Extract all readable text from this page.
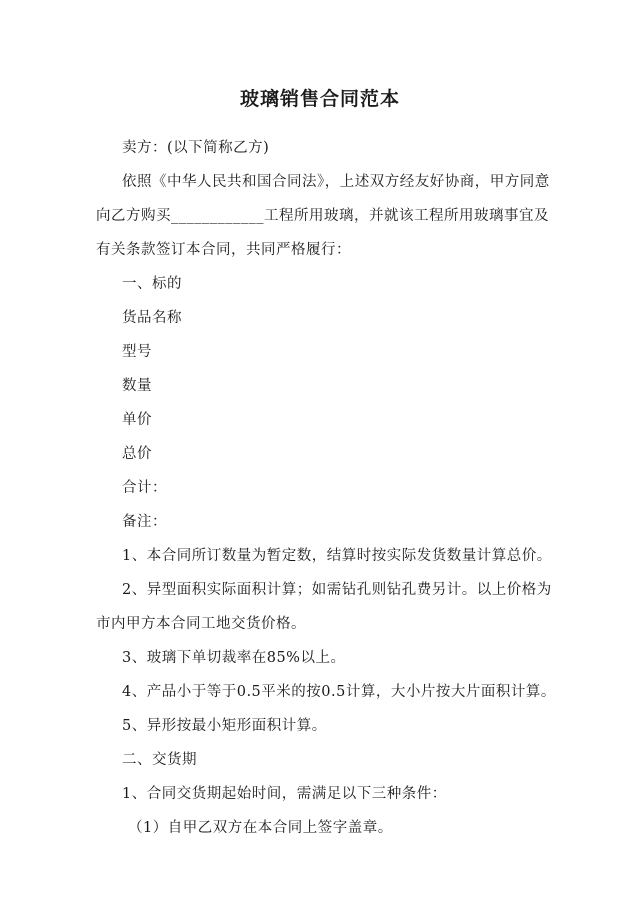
玻璃销售合同范本
卖方：(以下简称乙方)
依照《中华人民共和国合同法》，上述双方经友好协商，甲方同意
向乙方购买____________工程所用玻璃，并就该工程所用玻璃事宜及
有关条款签订本合同，共同严格履行：
一、标的
货品名称
型号
数量
单价
总价
合计：
备注：
1、本合同所订数量为暂定数，结算时按实际发货数量计算总价。
2、异型面积实际面积计算；如需钻孔则钻孔费另计。以上价格为
市内甲方本合同工地交货价格。
3、玻璃下单切裁率在85%以上。
4、产品小于等于0.5平米的按0.5计算，大小片按大片面积计算。
5、异形按最小矩形面积计算。
二、交货期
1、合同交货期起始时间，需满足以下三种条件：
（1）自甲乙双方在本合同上签字盖章。
